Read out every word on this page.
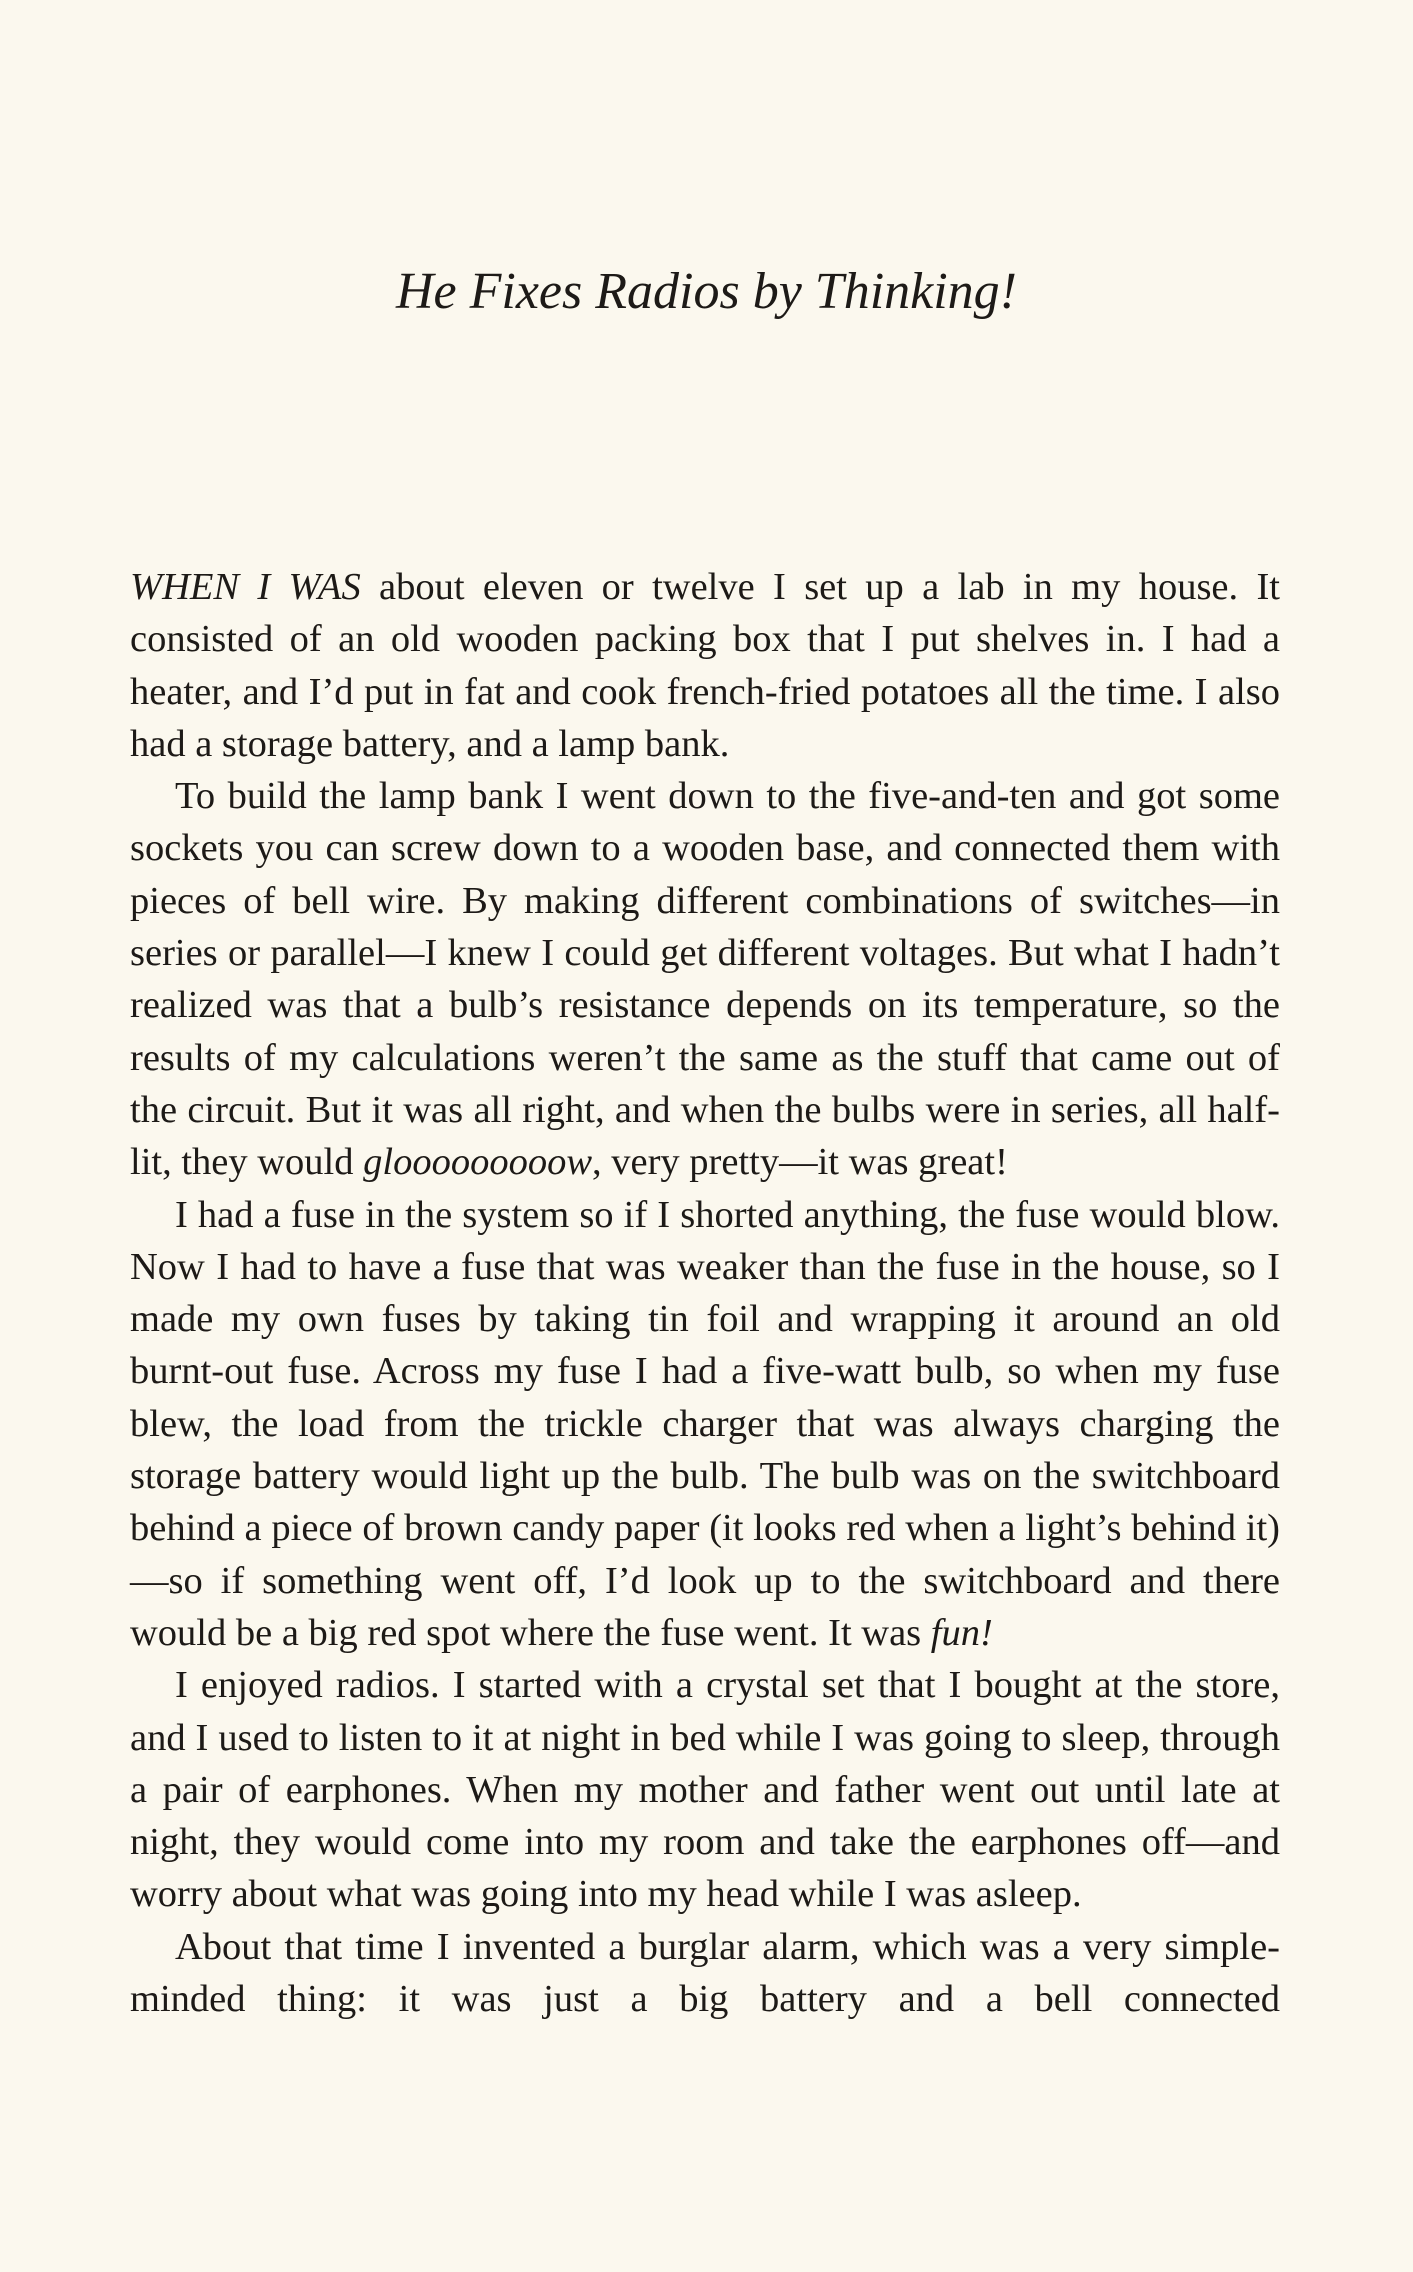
He Fixes Radios by Thinking!

WHEN I WAS about eleven or twelve I set up a lab in my house. It consisted of an old wooden packing box that I put shelves in. I had a heater, and I’d put in fat and cook french-fried potatoes all the time. I also had a storage battery, and a lamp bank.

To build the lamp bank I went down to the five-and-ten and got some sockets you can screw down to a wooden base, and connected them with pieces of bell wire. By making different combinations of switches—in series or parallel—I knew I could get different voltages. But what I hadn’t realized was that a bulb’s resistance depends on its temperature, so the results of my calculations weren’t the same as the stuff that came out of the circuit. But it was all right, and when the bulbs were in series, all half-lit, they would glooooooooow, very pretty—it was great!

I had a fuse in the system so if I shorted anything, the fuse would blow. Now I had to have a fuse that was weaker than the fuse in the house, so I made my own fuses by taking tin foil and wrapping it around an old burnt-out fuse. Across my fuse I had a five-watt bulb, so when my fuse blew, the load from the trickle charger that was always charging the storage battery would light up the bulb. The bulb was on the switchboard behind a piece of brown candy paper (it looks red when a light’s behind it)—so if something went off, I’d look up to the switchboard and there would be a big red spot where the fuse went. It was fun!

I enjoyed radios. I started with a crystal set that I bought at the store, and I used to listen to it at night in bed while I was going to sleep, through a pair of earphones. When my mother and father went out until late at night, they would come into my room and take the earphones off—and worry about what was going into my head while I was asleep.

About that time I invented a burglar alarm, which was a very simple-minded thing: it was just a big battery and a bell connected
